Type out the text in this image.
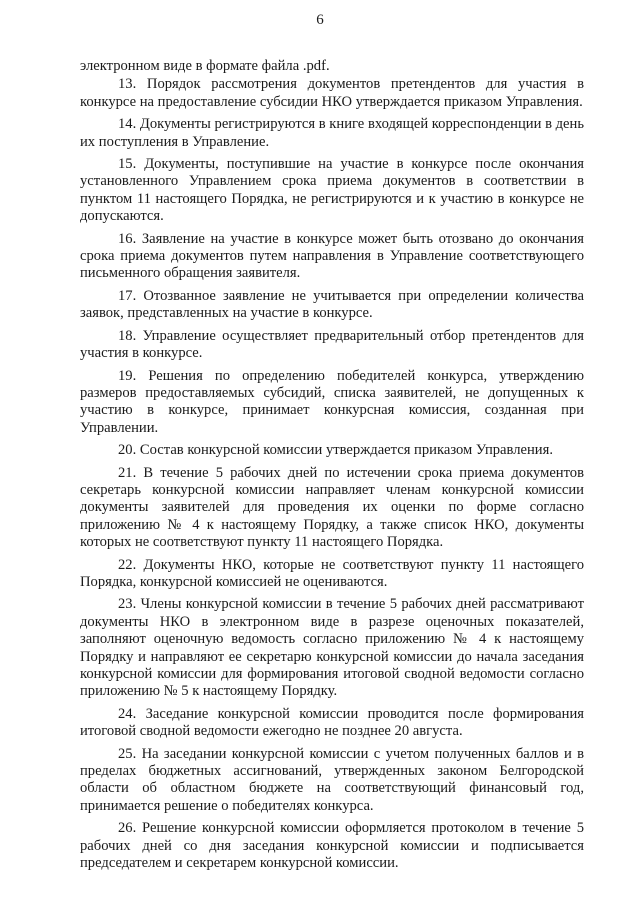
6

электронном виде в формате файла .pdf.

13. Порядок рассмотрения документов претендентов для участия в конкурсе на предоставление субсидии НКО утверждается приказом Управления.

14. Документы регистрируются в книге входящей корреспонденции в день их поступления в Управление.

15. Документы, поступившие на участие в конкурсе после окончания установленного Управлением срока приема документов в соответствии в пунктом 11 настоящего Порядка, не регистрируются и к участию в конкурсе не допускаются.

16. Заявление на участие в конкурсе может быть отозвано до окончания срока приема документов путем направления в Управление соответствующего письменного обращения заявителя.

17. Отозванное заявление не учитывается при определении количества заявок, представленных на участие в конкурсе.

18. Управление осуществляет предварительный отбор претендентов для участия в конкурсе.

19. Решения по определению победителей конкурса, утверждению размеров предоставляемых субсидий, списка заявителей, не допущенных к участию в конкурсе, принимает конкурсная комиссия, созданная при Управлении.

20. Состав конкурсной комиссии утверждается приказом Управления.

21. В течение 5 рабочих дней по истечении срока приема документов секретарь конкурсной комиссии направляет членам конкурсной комиссии документы заявителей для проведения их оценки по форме согласно приложению № 4 к настоящему Порядку, а также список НКО, документы которых не соответствуют пункту 11 настоящего Порядка.

22. Документы НКО, которые не соответствуют пункту 11 настоящего Порядка, конкурсной комиссией не оцениваются.

23. Члены конкурсной комиссии в течение 5 рабочих дней рассматривают документы НКО в электронном виде в разрезе оценочных показателей, заполняют оценочную ведомость согласно приложению № 4 к настоящему Порядку и направляют ее секретарю конкурсной комиссии до начала заседания конкурсной комиссии для формирования итоговой сводной ведомости согласно приложению № 5 к настоящему Порядку.

24. Заседание конкурсной комиссии проводится после формирования итоговой сводной ведомости ежегодно не позднее 20 августа.

25. На заседании конкурсной комиссии с учетом полученных баллов и в пределах бюджетных ассигнований, утвержденных законом Белгородской области об областном бюджете на соответствующий финансовый год, принимается решение о победителях конкурса.

26. Решение конкурсной комиссии оформляется протоколом в течение 5 рабочих дней со дня заседания конкурсной комиссии и подписывается председателем и секретарем конкурсной комиссии.
